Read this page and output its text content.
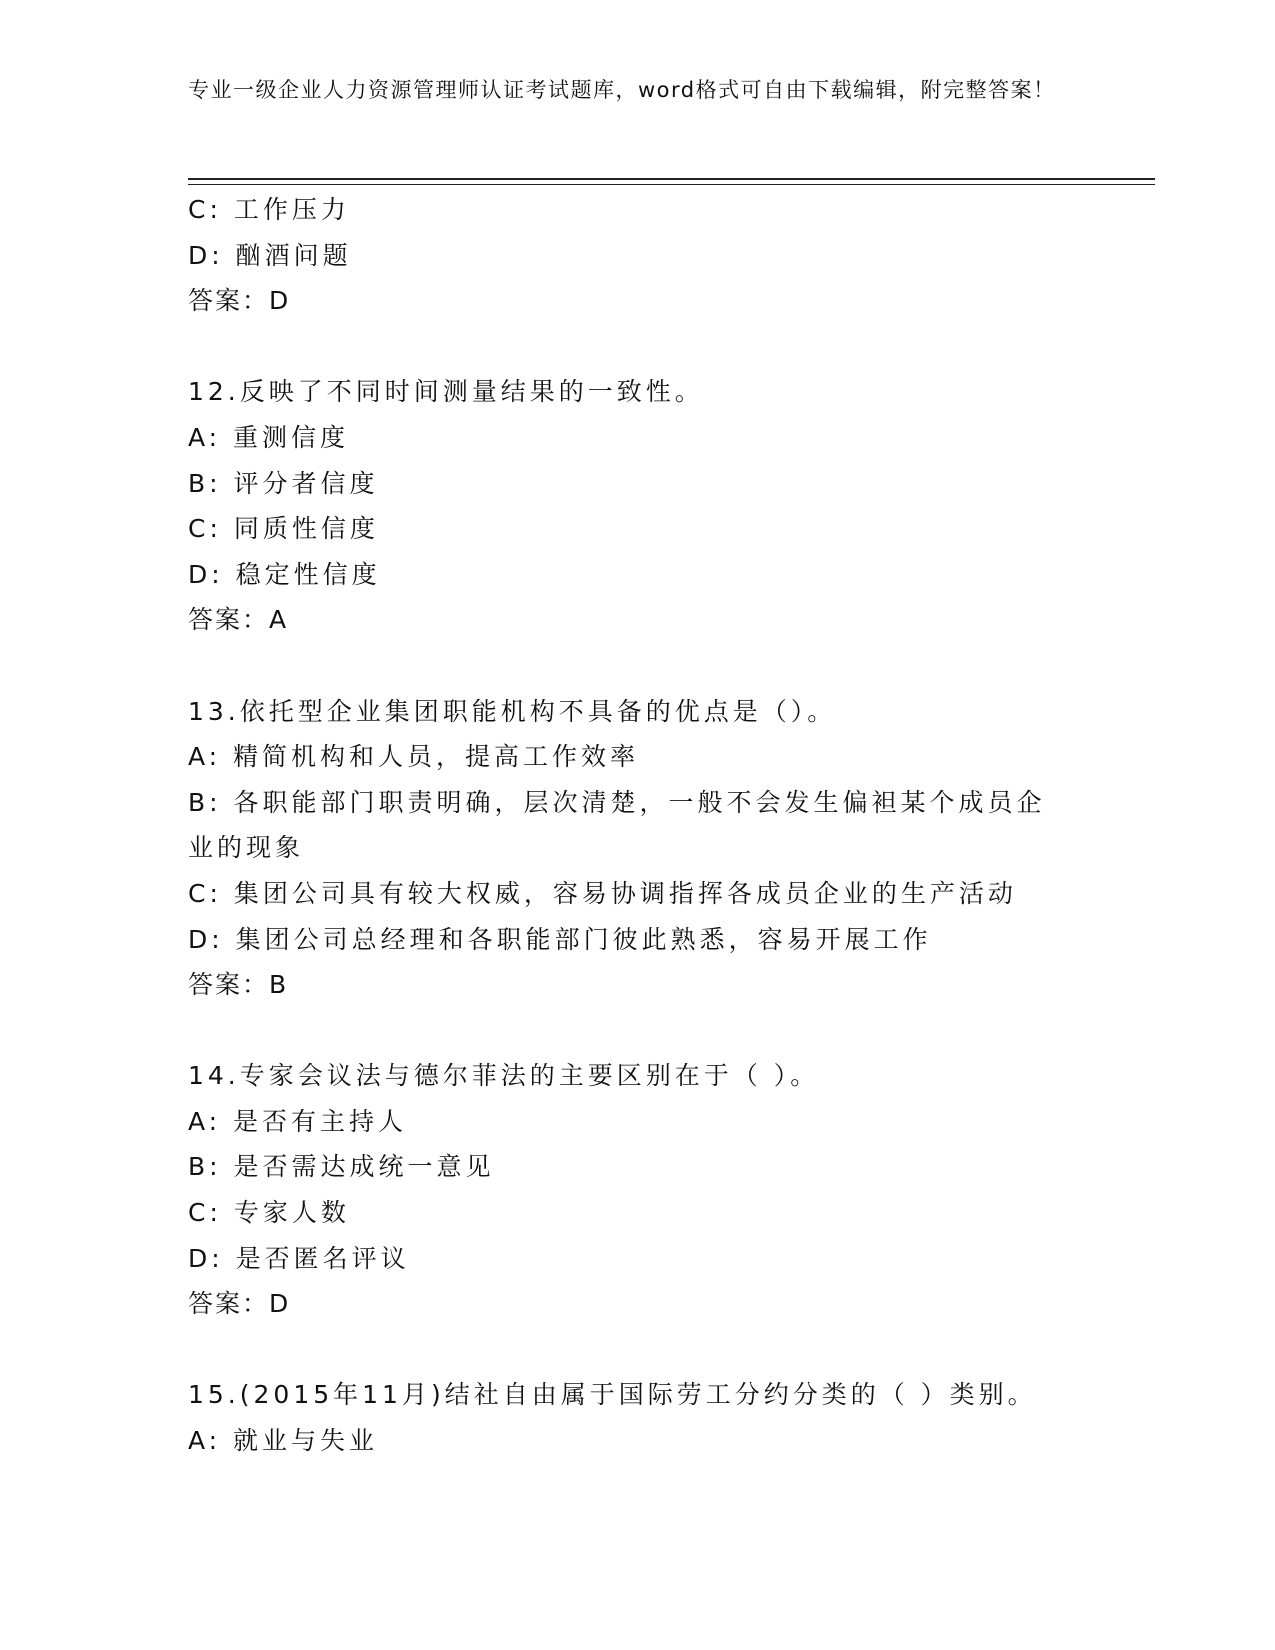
专业一级企业人力资源管理师认证考试题库，word格式可自由下载编辑，附完整答案！
C: 工作压力
D: 酗酒问题
答案：D
12.反映了不同时间测量结果的一致性。
A: 重测信度
B: 评分者信度
C: 同质性信度
D: 稳定性信度
答案：A
13.依托型企业集团职能机构不具备的优点是（）。
A: 精简机构和人员，提高工作效率
B: 各职能部门职责明确，层次清楚，一般不会发生偏袒某个成员企业的现象
C: 集团公司具有较大权威，容易协调指挥各成员企业的生产活动
D: 集团公司总经理和各职能部门彼此熟悉，容易开展工作
答案：B
14.专家会议法与德尔菲法的主要区别在于（ ）。
A: 是否有主持人
B: 是否需达成统一意见
C: 专家人数
D: 是否匿名评议
答案：D
15.(2015年11月)结社自由属于国际劳工分约分类的（ ）类别。
A: 就业与失业
